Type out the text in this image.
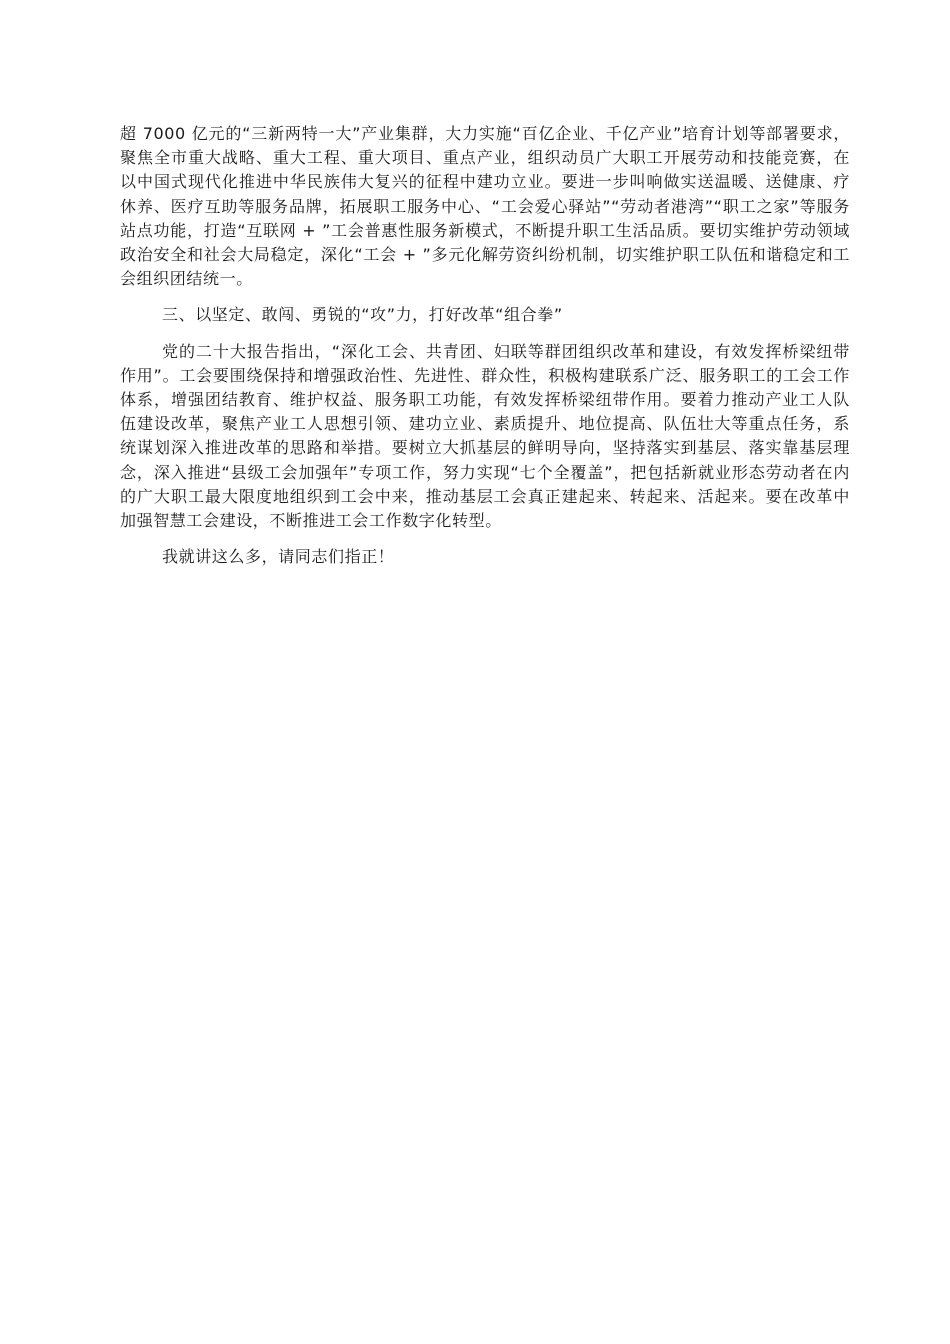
超 7000 亿元的“三新两特一大”产业集群，大力实施“百亿企业、千亿产业”培育计划等部署要求，聚焦全市重大战略、重大工程、重大项目、重点产业，组织动员广大职工开展劳动和技能竞赛，在以中国式现代化推进中华民族伟大复兴的征程中建功立业。要进一步叫响做实送温暖、送健康、疗休养、医疗互助等服务品牌，拓展职工服务中心、“工会爱心驿站”“劳动者港湾”“职工之家”等服务站点功能，打造“互联网 + ”工会普惠性服务新模式，不断提升职工生活品质。要切实维护劳动领域政治安全和社会大局稳定，深化“工会 + ”多元化解劳资纠纷机制，切实维护职工队伍和谐稳定和工会组织团结统一。

三、以坚定、敢闯、勇锐的“攻”力，打好改革“组合拳”

党的二十大报告指出，“深化工会、共青团、妇联等群团组织改革和建设，有效发挥桥梁纽带作用”。工会要围绕保持和增强政治性、先进性、群众性，积极构建联系广泛、服务职工的工会工作体系，增强团结教育、维护权益、服务职工功能，有效发挥桥梁纽带作用。要着力推动产业工人队伍建设改革，聚焦产业工人思想引领、建功立业、素质提升、地位提高、队伍壮大等重点任务，系统谋划深入推进改革的思路和举措。要树立大抓基层的鲜明导向，坚持落实到基层、落实靠基层理念，深入推进“县级工会加强年”专项工作，努力实现“七个全覆盖”，把包括新就业形态劳动者在内的广大职工最大限度地组织到工会中来，推动基层工会真正建起来、转起来、活起来。要在改革中加强智慧工会建设，不断推进工会工作数字化转型。

我就讲这么多，请同志们指正！
